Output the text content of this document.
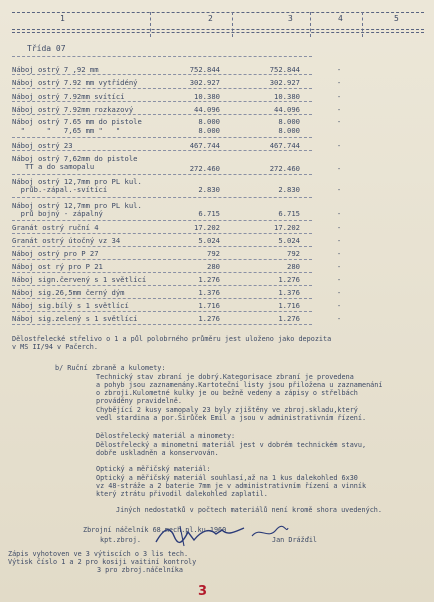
1	2	3	4	5
Třída 07
Náboj ostrý 7 ,92 mm	752.844	752.844	-
Náboj ostrý 7.92 mm vytřídéný	302.927	302.927	-
Náboj ostrý 7.92mm svítící	10.380	10.380	-
Náboj ostrý 7.92mm rozkazový	44.096	44.096	-
Náboj ostrý 7.65 mm do pistole	8.000	8.000	-
"     "   7,65 mm "   "	8.000	8.000
Náboj ostrý 23	467.744	467.744	-
Náboj ostrý 7,62mm do pistole
TT a do samopalu	272.460	272.460	-
Náboj ostrý 12,7mm pro PL kul.
průb.-zápal.-svítící	2.830	2.830	-
Náboj ostrý 12,7mm pro PL kul.
prů bojný - zápalný	6.715	6.715	-
Granát ostrý ruční 4	17.202	17.202	-
Granát ostrý útočný vz 34	5.024	5.024	-
Náboj ostrý pro P 27	792	792	-
Náboj ost rý pro P 21	280	280	-
Náboj sign.červený s 1 světlící	1.276	1.276	-
Náboj sig.26,5mm černý dým	1.376	1.376	-
Náboj sig.bílý s 1 světlící	1.716	1.716	-
Náboj sig.zelený s 1 světlící	1.276	1.276	-
Dělostřelecké střelivo o 1 a půl polobrného průměru jest uloženo jako depozita
v MS II/94 v Pačerch.
b/ Ruční zbraně a kulomety:
Technický stav zbraní je dobrý.Kategorisace zbraní je provedena
a pohyb jsou zaznamenány.Kartoteční listy jsou přiložena u zaznamenání
o zbroji.Kulometné kulky je ou bežně vedeny a zápisy o střelbách
prováděny pravidelně.
Chybějící 2 kusy samopaly 23 byly zjištěny ve zbroj.skladu,který
vedl stardina a por.Širůček Emil a jsou v administrativním řízení.
Dělostřelecký materiál a minomety:
Dělostřelecký a minometní materiál jest v dobrém technickém stavu,
dobře uskladněn a konservován.
Optický a měřičský materiál:
Optický a měřičský materiál souhlasí,až na 1 kus dalekohled 6x30
vz 48-stráže a 2 baterie 7mm je v administrativním řízení a vinník
který ztrátu přivodil dalekohled zaplatil.
Jiných nedostatků v počtech materiálů není kromě shora uvedených.
Zbrojní náčelník 68.mech.pl.ku 1960
kpt.zbroj.	Jan Drážďil
Zápis vyhotoven ve 3 výtiscích o 3 lis tech.
Výtisk číslo 1 a 2 pro kosiji vaitiní kontroly
3 pro zbroj.náčelníka
3
